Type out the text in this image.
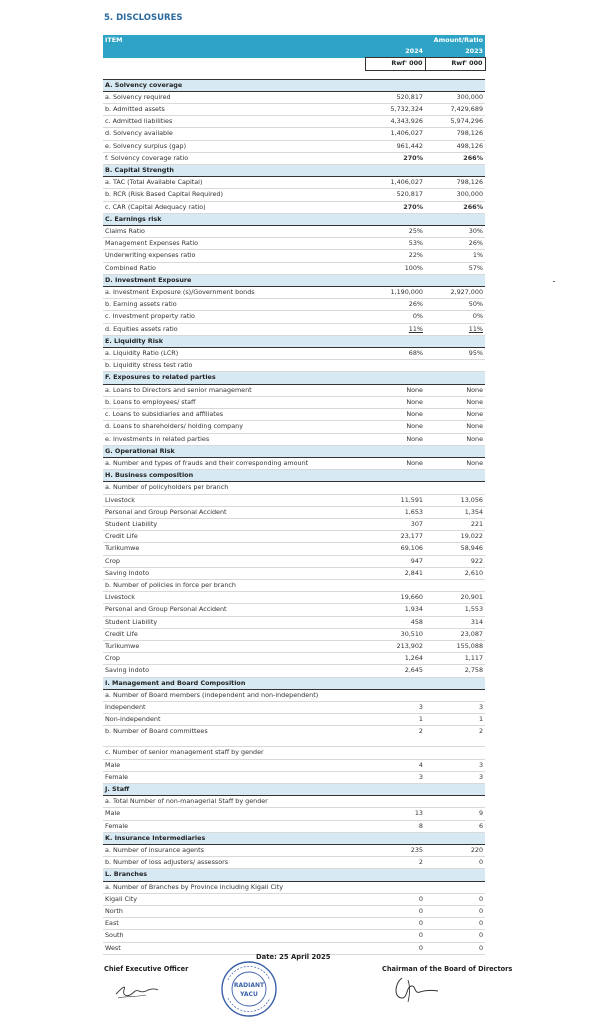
5. DISCLOSURES
ITEM	Amount/Ratio	
	2024	2023
	Rwf' 000	Rwf' 000

A. Solvency coverage		
a. Solvency required	520,817	300,000
b. Admitted assets	5,732,324	7,429,689
c. Admitted liabilities	4,343,926	5,974,296
d. Solvency available	1,406,027	798,126
e. Solvency surplus (gap)	961,442	498,126
f. Solvency coverage ratio	270%	266%
B. Capital Strength		
a. TAC (Total Available Capital)	1,406,027	798,126
b. RCR (Risk Based Capital Required)	520,817	300,000
c. CAR (Capital Adequacy ratio)	270%	266%
C. Earnings risk		
Claims Ratio	25%	30%
Management Expenses Ratio	53%	26%
Underwriting expenses ratio	22%	1%
Combined Ratio	100%	57%
D. Investment Exposure		
a. Investment Exposure (s)/Government bonds	1,190,000	2,927,000
b. Earning assets ratio	26%	50%
c. Investment property ratio	0%	0%
d. Equities assets ratio	11%	11%
E. Liquidity Risk		
a. Liquidity Ratio (LCR)	68%	95%
b. Liquidity stress test ratio		
F. Exposures to related parties		
a. Loans to Directors and senior management	None	None
b. Loans to employees/ staff	None	None
c. Loans to subsidiaries and affiliates	None	None
d. Loans to shareholders/ holding company	None	None
e. Investments in related parties	None	None
G. Operational Risk		
a. Number and types of frauds and their corresponding amount	None	None
H. Business composition		
a. Number of policyholders per branch		
Livestock	11,591	13,056
Personal and Group Personal Accident	1,653	1,354
Student Liability	307	221
Credit Life	23,177	19,022
Turikumwe	69,106	58,946
Crop	947	922
Saving Indoto	2,841	2,610
b. Number of policies in force per branch		
Livestock	19,660	20,901
Personal and Group Personal Accident	1,934	1,553
Student Liability	458	314
Credit Life	30,510	23,087
Turikumwe	213,902	155,088
Crop	1,264	1,117
Saving Indoto	2,645	2,758
I. Management and Board Composition		
a. Number of Board members (independent and non-independent)		
Independent	3	3
Non-independent	1	1
b. Number of Board committees	2	2
c. Number of senior management staff by gender		
Male	4	3
Female	3	3
J. Staff		
a. Total Number of non-managerial Staff by gender		
Male	13	9
Female	8	6
K. Insurance Intermediaries		
a. Number of insurance agents	235	220
b. Number of loss adjusters/ assessors	2	0
L. Branches		
a. Number of Branches by Province including Kigali City		
Kigali City	0	0
North	0	0
East	0	0
South	0	0
West	0	0
Date: 25 April 2025
Chief Executive Officer	Chairman of the Board of Directors
RADIANT
YACU
